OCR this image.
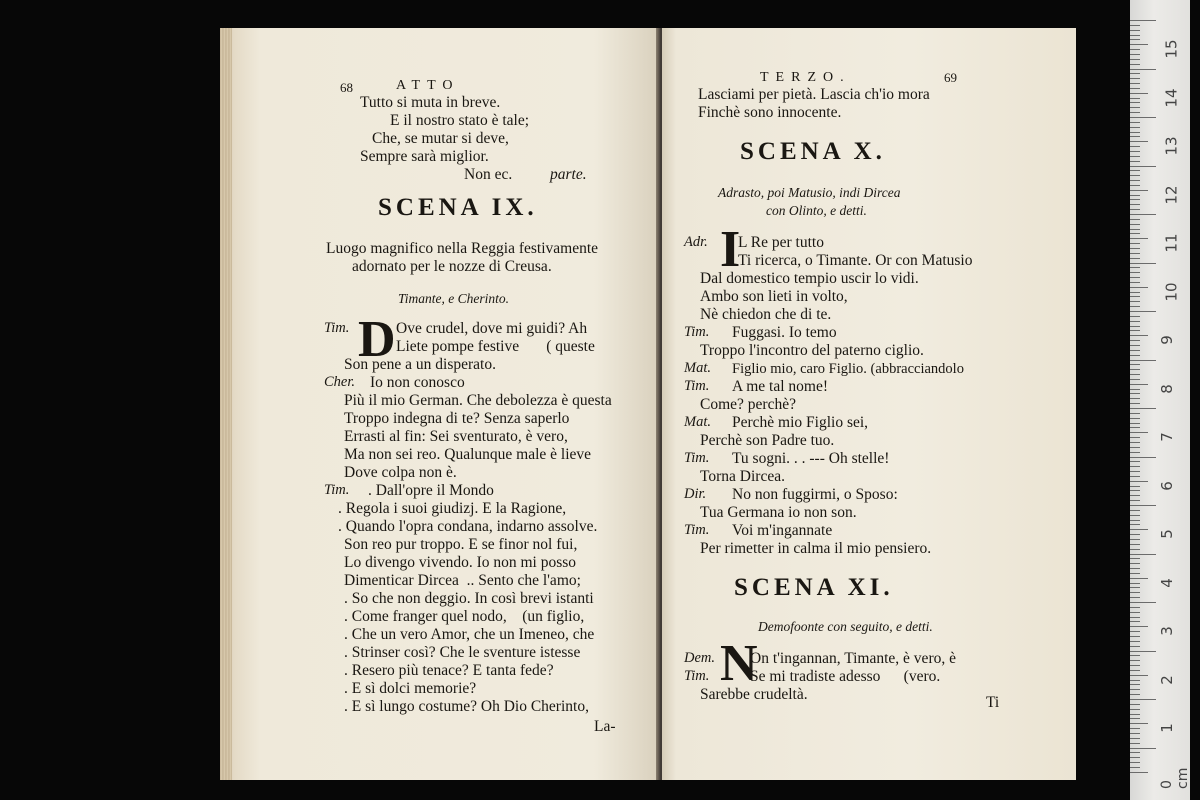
68	ATTO
Tutto si muta in breve.
E il nostro stato è tale;
Che, se mutar si deve,
Sempre sarà miglior.
Non ec. parte.
SCENA IX.
Luogo magnifico nella Reggia festivamente
adornato per le nozze di Creusa.
Timante, e Cherinto.
Tim. D Ove crudel, dove mi guidi? Ah
Liete pompe festive       ( queste
Son pene a un disperato.
Cher. Io non conosco
Più il mio German. Che debolezza è questa
Troppo indegna di te? Senza saperlo
Errasti al fin: Sei sventurato, è vero,
Ma non sei reo. Qualunque male è lieve
Dove colpa non è.
Tim. . Dall'opre il Mondo
. Regola i suoi giudizj. E la Ragione,
. Quando l'opra condana, indarno assolve.
Son reo pur troppo. E se finor nol fui,
Lo divengo vivendo. Io non mi posso
Dimenticar Dircea  .. Sento che l'amo;
. So che non deggio. In così brevi istanti
. Come franger quel nodo,    (un figlio,
. Che un vero Amor, che un Imeneo, che
. Strinser così? Che le sventure istesse
. Resero più tenace? E tanta fede?
. E sì dolci memorie?
. E sì lungo costume? Oh Dio Cherinto,
La-
TERZO.	69
Lasciami per pietà. Lascia ch'io mora
Finchè sono innocente.
SCENA X.
Adrasto, poi Matusio, indi Dircea
con Olinto, e detti.
Adr. I
L Re per tutto
Ti ricerca, o Timante. Or con Matusio
Dal domestico tempio uscir lo vidi.
Ambo son lieti in volto,
Nè chiedon che di te.
Tim. Fuggasi. Io temo
Troppo l'incontro del paterno ciglio.
Mat. Figlio mio, caro Figlio. (abbracciandolo
Tim. A me tal nome!
Come? perchè?
Mat. Perchè mio Figlio sei,
Perchè son Padre tuo.
Tim. Tu sogni. . . --- Oh stelle!
Torna Dircea.
Dir. No non fuggirmi, o Sposo:
Tua Germana io non son.
Tim. Voi m'ingannate
Per rimetter in calma il mio pensiero.
SCENA XI.
Demofoonte con seguito, e detti.
Dem. N
On t'ingannan, Timante, è vero, è
Tim.	Se mi tradiste adesso      (vero.
Sarebbe crudeltà.	Ti
15
14
13
12
11
10
9
8
7
6
5
4
3
2
1
0 cm
